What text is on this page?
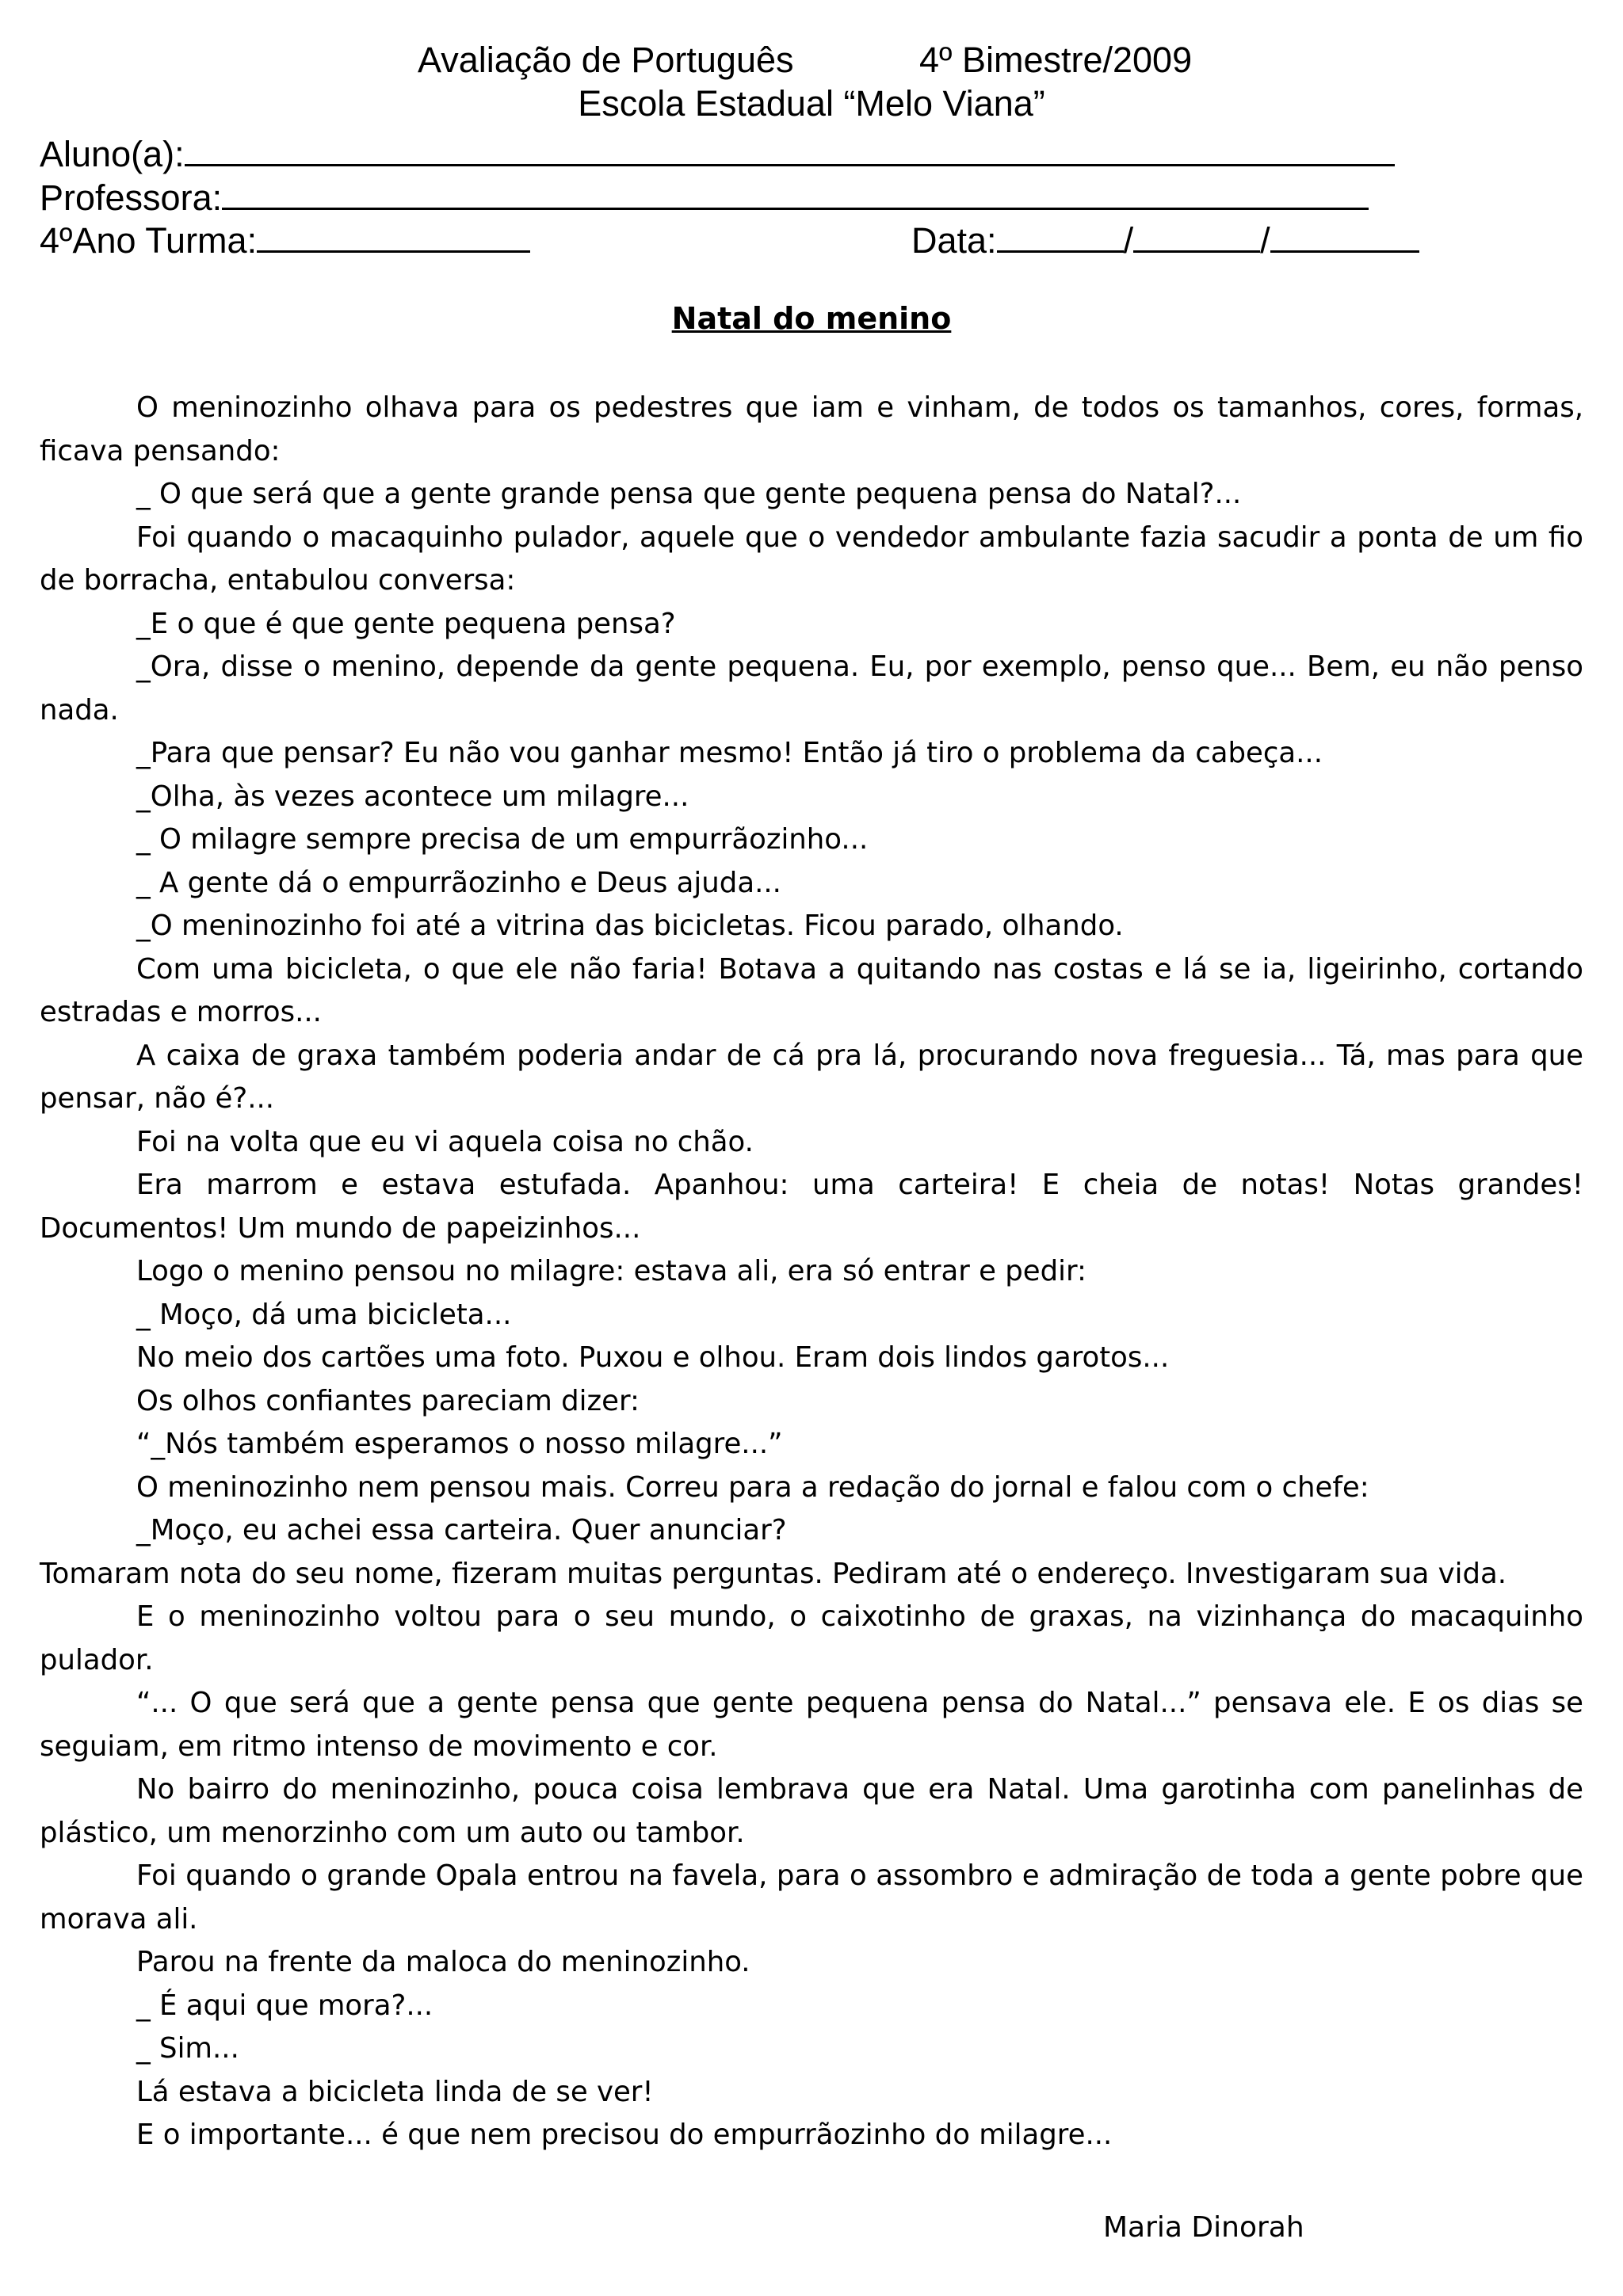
Avaliação de Português	4º Bimestre/2009
Escola Estadual “Melo Viana”
Aluno(a):
Professora:
4ºAno Turma:	Data:	/	/
Natal do menino

O meninozinho olhava para os pedestres que iam e vinham, de todos os tamanhos, cores, formas, ficava pensando:

_ O que será que a gente grande pensa que gente pequena pensa do Natal?...

Foi quando o macaquinho pulador, aquele que o vendedor ambulante fazia sacudir a ponta de um fio de borracha, entabulou conversa:

_E o que é que gente pequena pensa?

_Ora, disse o menino, depende da gente pequena. Eu, por exemplo, penso que... Bem, eu não penso nada.

_Para que pensar? Eu não vou ganhar mesmo! Então já tiro o problema da cabeça...

_Olha, às vezes acontece um milagre...

_ O milagre sempre precisa de um empurrãozinho...

_ A gente dá o empurrãozinho e Deus ajuda...

_O meninozinho foi até a vitrina das bicicletas. Ficou parado, olhando.

Com uma bicicleta, o que ele não faria! Botava a quitando nas costas e lá se ia, ligeirinho, cortando estradas e morros...

A caixa de graxa também poderia andar de cá pra lá, procurando nova freguesia... Tá, mas para que pensar, não é?...

Foi na volta que eu vi aquela coisa no chão.

Era marrom e estava estufada. Apanhou: uma carteira! E cheia de notas! Notas grandes! Documentos! Um mundo de papeizinhos...

Logo o menino pensou no milagre: estava ali, era só entrar e pedir:

_ Moço, dá uma bicicleta...

No meio dos cartões uma foto. Puxou e olhou. Eram dois lindos garotos...

Os olhos confiantes pareciam dizer:

“_Nós também esperamos o nosso milagre...”

O meninozinho nem pensou mais. Correu para a redação do jornal e falou com o chefe:

_Moço, eu achei essa carteira. Quer anunciar?

Tomaram nota do seu nome, fizeram muitas perguntas. Pediram até o endereço. Investigaram sua vida.

E o meninozinho voltou para o seu mundo, o caixotinho de graxas, na vizinhança do macaquinho pulador.

“... O que será que a gente pensa que gente pequena pensa do Natal...” pensava ele. E os dias se seguiam, em ritmo intenso de movimento e cor.

No bairro do meninozinho, pouca coisa lembrava que era Natal. Uma garotinha com panelinhas de plástico, um menorzinho com um auto ou tambor.

Foi quando o grande Opala entrou na favela, para o assombro e admiração de toda a gente pobre que morava ali.

Parou na frente da maloca do meninozinho.

_ É aqui que mora?...

_ Sim...

Lá estava a bicicleta linda de se ver!

E o importante... é que nem precisou do empurrãozinho do milagre...

Maria Dinorah
